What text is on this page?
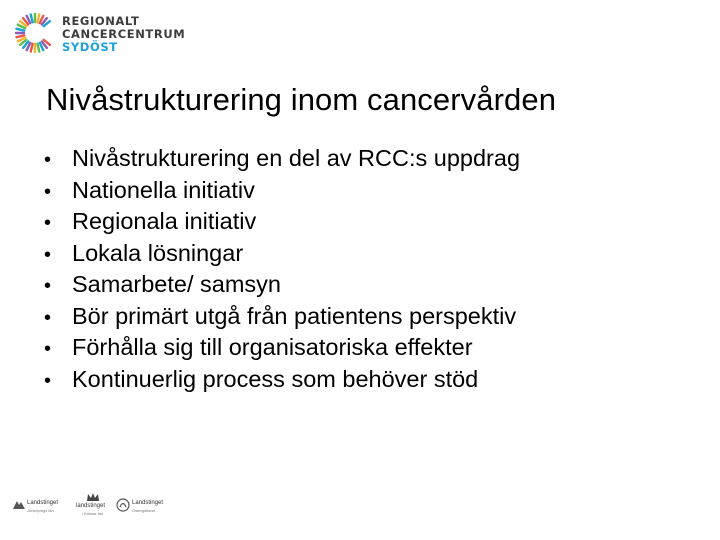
REGIONALT
CANCERCENTRUM
SYDÖST
Nivåstrukturering inom cancervården
• Nivåstrukturering en del av RCC:s uppdrag
• Nationella initiativ
• Regionala initiativ
• Lokala lösningar
• Samarbete/ samsyn
• Bör primärt utgå från patientens perspektiv
• Förhålla sig till organisatoriska effekter
• Kontinuerlig process som behöver stöd
Landstinget
Jönköpings län
landstinget
i Kalmar län
Landstinget
Östergötland
